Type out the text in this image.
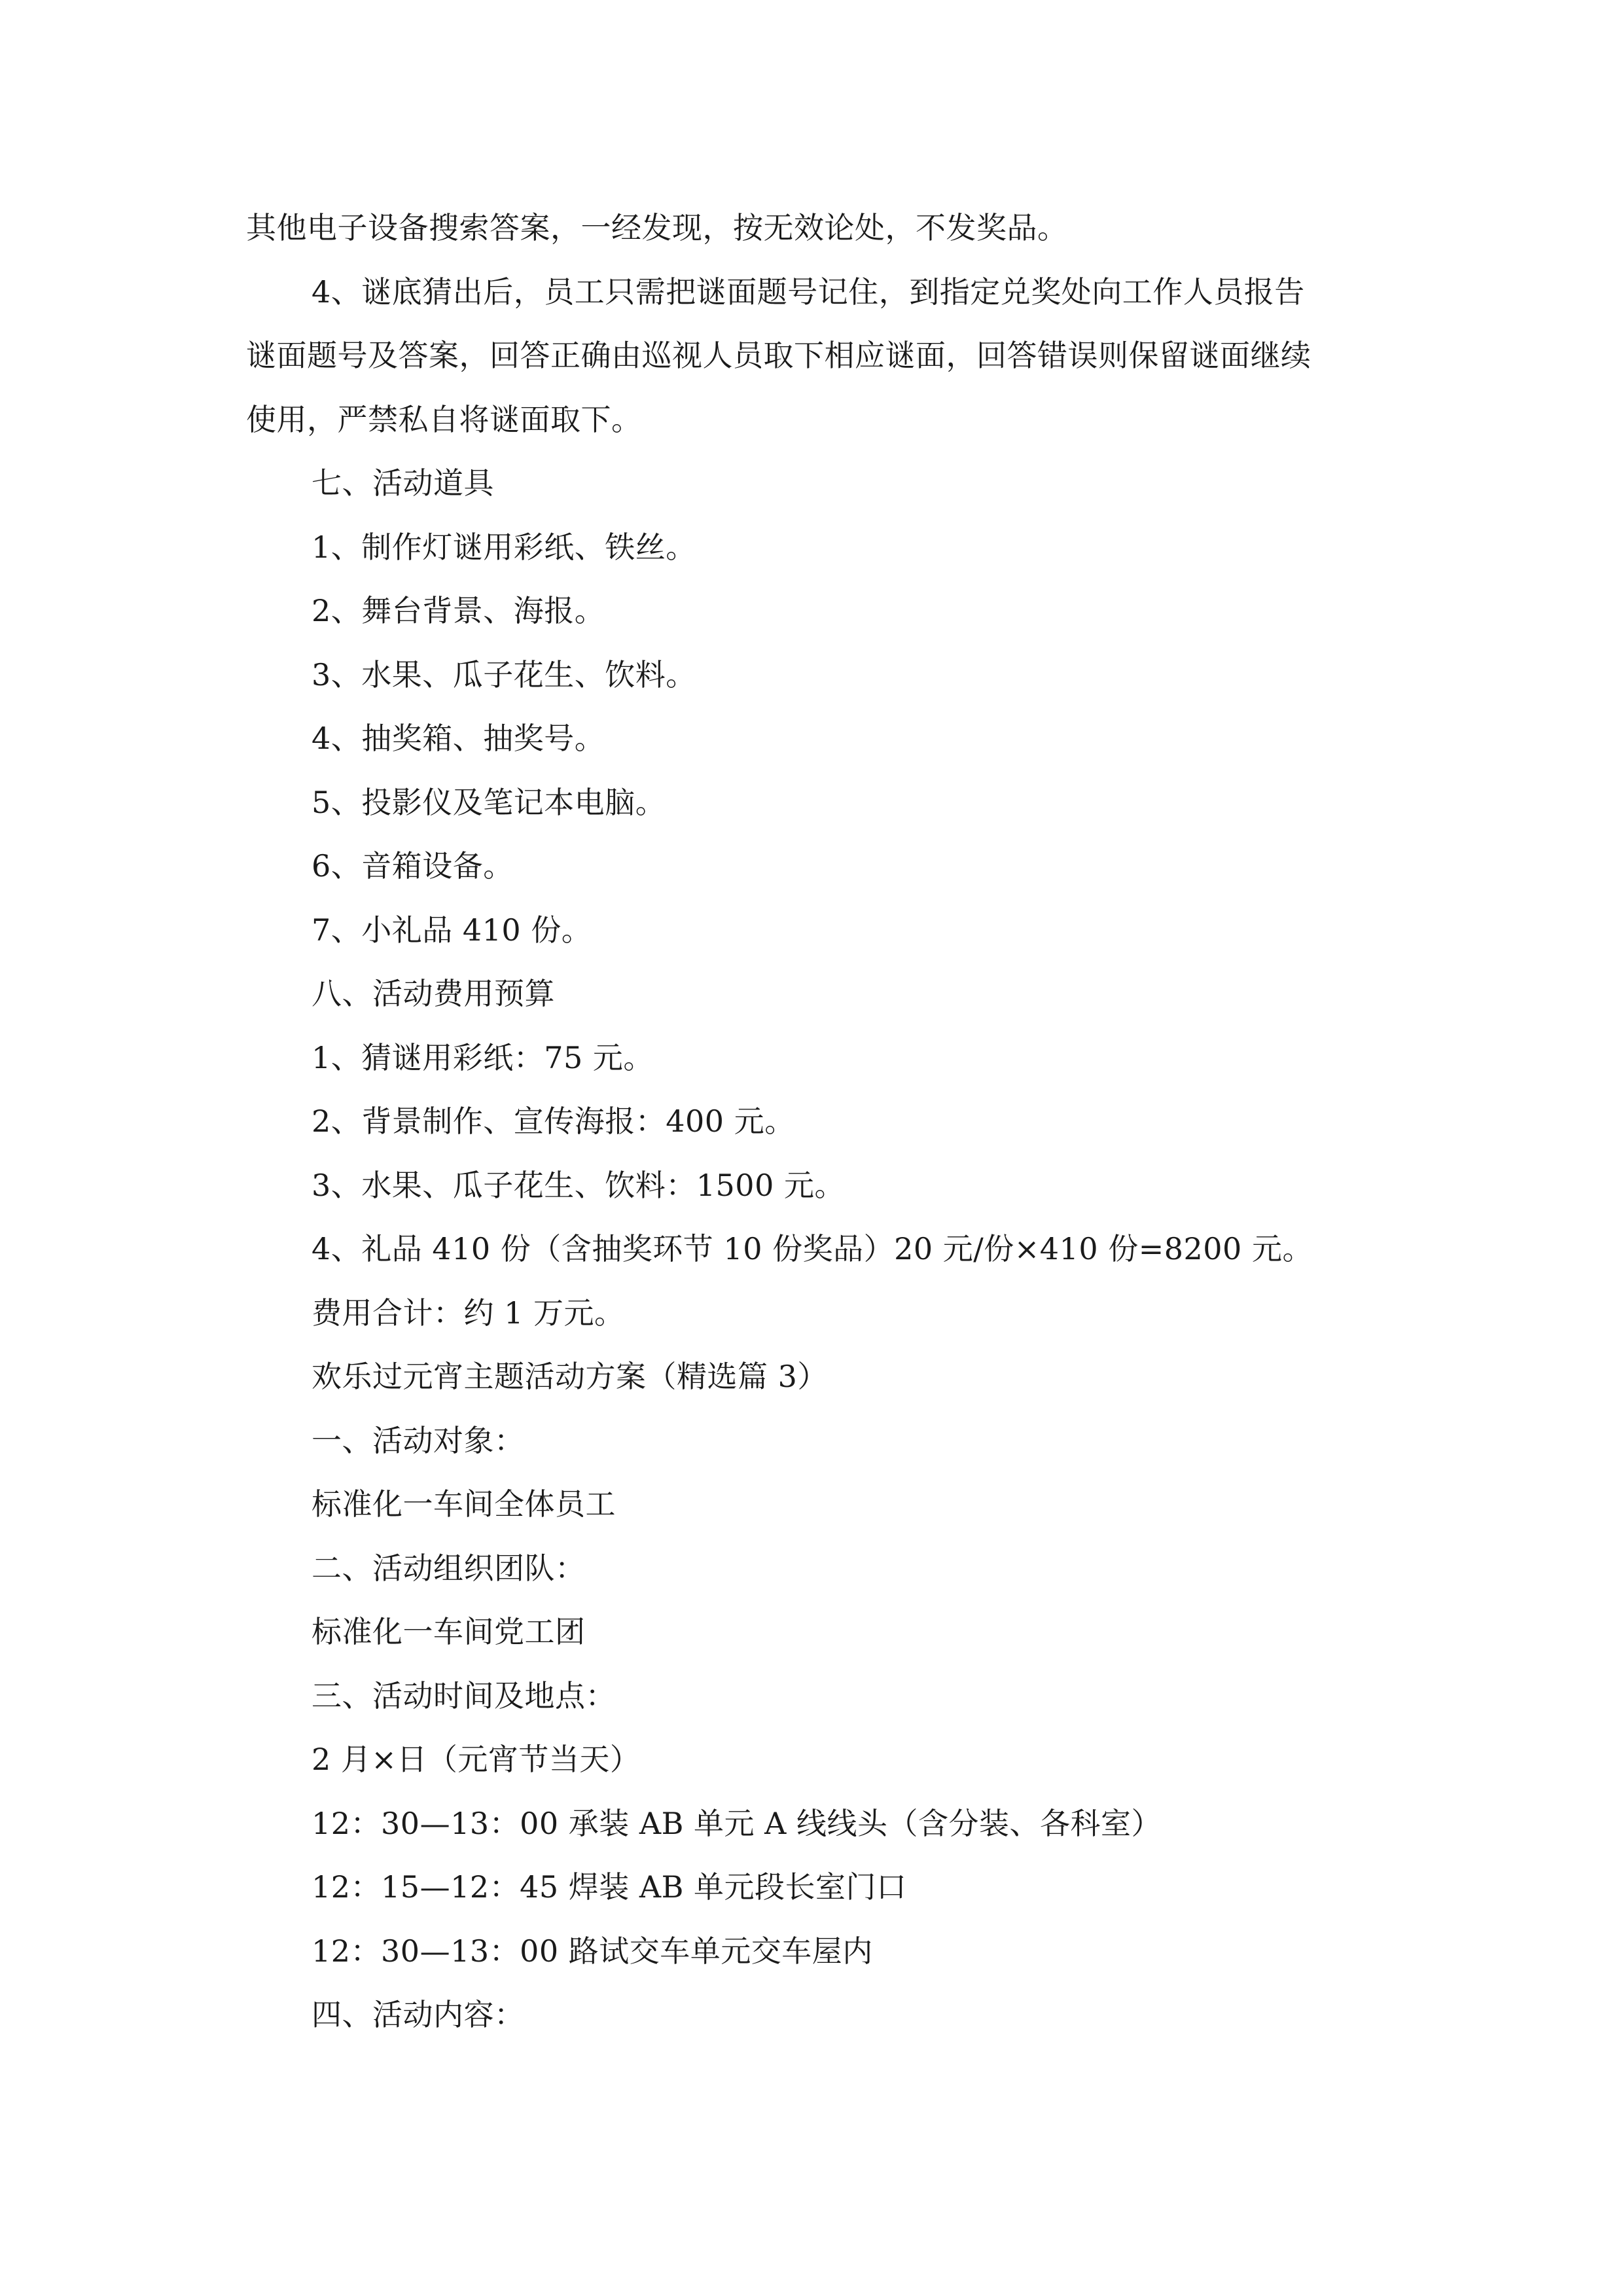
其他电子设备搜索答案，一经发现，按无效论处，不发奖品。
4、谜底猜出后，员工只需把谜面题号记住，到指定兑奖处向工作人员报告
谜面题号及答案，回答正确由巡视人员取下相应谜面，回答错误则保留谜面继续
使用，严禁私自将谜面取下。
七、活动道具
1、制作灯谜用彩纸、铁丝。
2、舞台背景、海报。
3、水果、瓜子花生、饮料。
4、抽奖箱、抽奖号。
5、投影仪及笔记本电脑。
6、音箱设备。
7、小礼品 410 份。
八、活动费用预算
1、猜谜用彩纸：75 元。
2、背景制作、宣传海报：400 元。
3、水果、瓜子花生、饮料：1500 元。
4、礼品 410 份（含抽奖环节 10 份奖品）20 元/份×410 份=8200 元。
费用合计：约 1 万元。
欢乐过元宵主题活动方案（精选篇 3）
一、活动对象：
标准化一车间全体员工
二、活动组织团队：
标准化一车间党工团
三、活动时间及地点：
2 月×日（元宵节当天）
12：30—13：00 承装 AB 单元 A 线线头（含分装、各科室）
12：15—12：45 焊装 AB 单元段长室门口
12：30—13：00 路试交车单元交车屋内
四、活动内容：
